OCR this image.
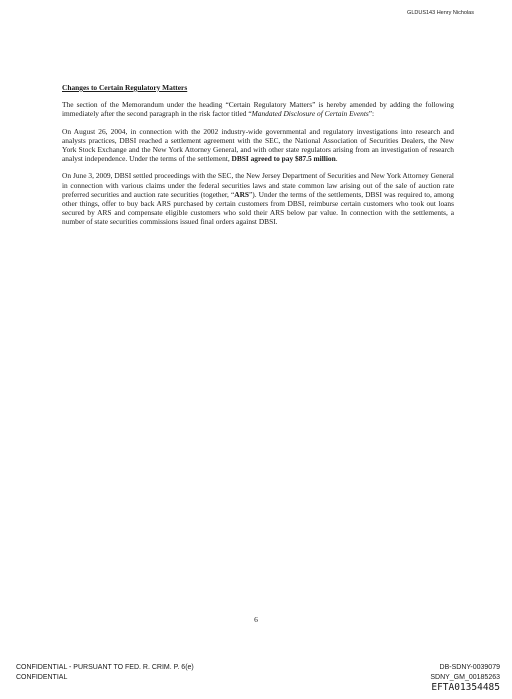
GLDUS143 Henry Nicholas

Changes to Certain Regulatory Matters

The section of the Memorandum under the heading “Certain Regulatory Matters” is hereby amended by adding the following immediately after the second paragraph in the risk factor titled “Mandated Disclosure of Certain Events”:

On August 26, 2004, in connection with the 2002 industry-wide governmental and regulatory investigations into research and analysts practices, DBSI reached a settlement agreement with the SEC, the National Association of Securities Dealers, the New York Stock Exchange and the New York Attorney General, and with other state regulators arising from an investigation of research analyst independence. Under the terms of the settlement, DBSI agreed to pay $87.5 million.

On June 3, 2009, DBSI settled proceedings with the SEC, the New Jersey Department of Securities and New York Attorney General in connection with various claims under the federal securities laws and state common law arising out of the sale of auction rate preferred securities and auction rate securities (together, “ARS”). Under the terms of the settlements, DBSI was required to, among other things, offer to buy back ARS purchased by certain customers from DBSI, reimburse certain customers who took out loans secured by ARS and compensate eligible customers who sold their ARS below par value. In connection with the settlements, a number of state securities commissions issued final orders against DBSI.

6
CONFIDENTIAL - PURSUANT TO FED. R. CRIM. P. 6(e)
CONFIDENTIAL
DB-SDNY-0039079
SDNY_GM_00185263
EFTA01354485
